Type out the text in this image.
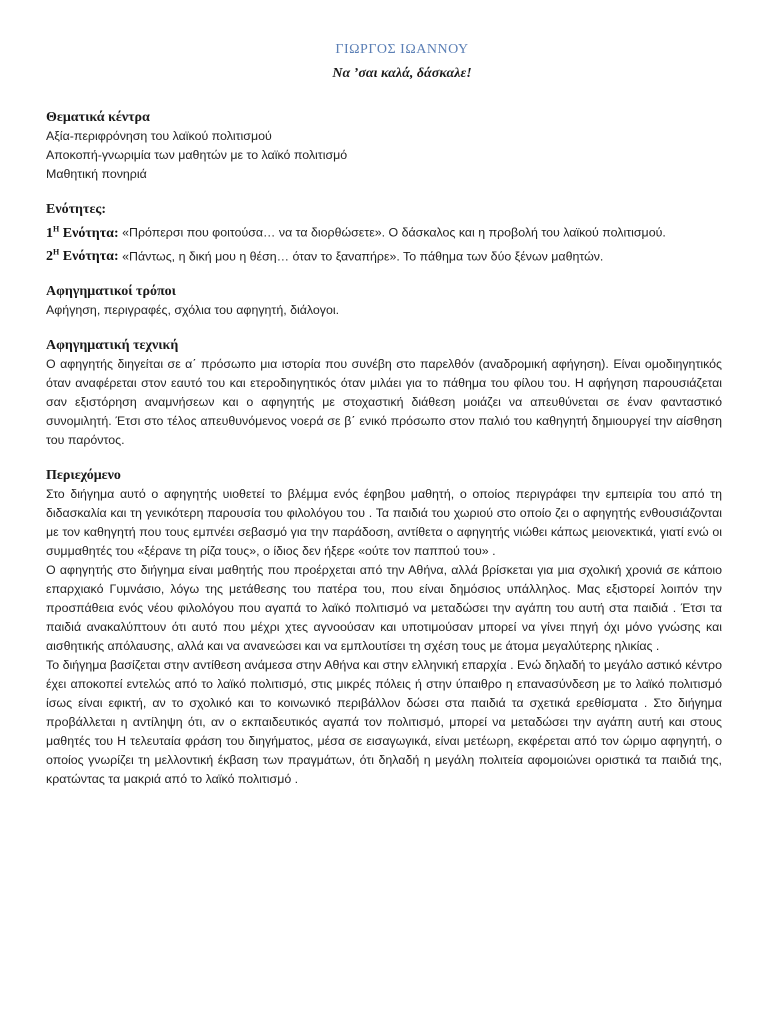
ΓΙΩΡΓΟΣ ΙΩΑΝΝΟΥ

Να ’σαι καλά, δάσκαλε!

Θεματικά κέντρα

Αξία-περιφρόνηση του λαϊκού πολιτισμού

Αποκοπή-γνωριμία των μαθητών με το λαϊκό πολιτισμό

Μαθητική πονηριά

Ενότητες:

$1^H$ Ενότητα: «Πρόπερσι που φοιτούσα… να τα διορθώσετε». Ο δάσκαλος και η προβολή του λαϊκού πολιτισμού.

$2^H$ Ενότητα: «Πάντως, η δική μου η θέση… όταν το ξαναπήρε». Το πάθημα των δύο ξένων μαθητών.

Αφηγηματικοί τρόποι

Αφήγηση, περιγραφές, σχόλια του αφηγητή, διάλογοι.

Αφηγηματική τεχνική

Ο αφηγητής διηγείται σε α΄ πρόσωπο μια ιστορία που συνέβη στο παρελθόν (αναδρομική αφήγηση). Είναι ομοδιηγητικός όταν αναφέρεται στον εαυτό του και ετεροδιηγητικός όταν μιλάει για το πάθημα του φίλου του. Η αφήγηση παρουσιάζεται σαν εξιστόρηση αναμνήσεων και ο αφηγητής με στοχαστική διάθεση μοιάζει να απευθύνεται σε έναν φανταστικό συνομιλητή. Έτσι στο τέλος απευθυνόμενος νοερά σε β΄ ενικό πρόσωπο στον παλιό του καθηγητή δημιουργεί την αίσθηση του παρόντος.

Περιεχόμενο

Στο διήγημα αυτό ο αφηγητής υιοθετεί το βλέμμα ενός έφηβου μαθητή, ο οποίος περιγράφει την εμπειρία του από τη διδασκαλία και τη γενικότερη παρουσία του φιλολόγου του . Τα παιδιά του χωριού στο οποίο ζει ο αφηγητής ενθουσιάζονται με τον καθηγητή που τους εμπνέει σεβασμό για την παράδοση, αντίθετα ο αφηγητής νιώθει κάπως μειονεκτικά, γιατί ενώ οι συμμαθητές του «ξέρανε τη ρίζα τους», ο ίδιος δεν ήξερε «ούτε τον παππού του» .

Ο αφηγητής στο διήγημα είναι μαθητής που προέρχεται από την Αθήνα, αλλά βρίσκεται για μια σχολική χρονιά σε κάποιο επαρχιακό Γυμνάσιο, λόγω της μετάθεσης του πατέρα του, που είναι δημόσιος υπάλληλος. Μας εξιστορεί λοιπόν την προσπάθεια ενός νέου φιλολόγου που αγαπά το λαϊκό πολιτισμό να μεταδώσει την αγάπη του αυτή στα παιδιά . Έτσι τα παιδιά ανακαλύπτουν ότι αυτό που μέχρι χτες αγνοούσαν και υποτιμούσαν μπορεί να γίνει πηγή όχι μόνο γνώσης και αισθητικής απόλαυσης, αλλά και να ανανεώσει και να εμπλουτίσει τη σχέση τους με άτομα μεγαλύτερης ηλικίας .

Το διήγημα βασίζεται στην αντίθεση ανάμεσα στην Αθήνα και στην ελληνική επαρχία . Ενώ δηλαδή το μεγάλο αστικό κέντρο έχει αποκοπεί εντελώς από το λαϊκό πολιτισμό, στις μικρές πόλεις ή στην ύπαιθρο η επανασύνδεση με το λαϊκό πολιτισμό ίσως είναι εφικτή, αν το σχολικό και το κοινωνικό περιβάλλον δώσει στα παιδιά τα σχετικά ερεθίσματα . Στο διήγημα προβάλλεται η αντίληψη ότι, αν ο εκπαιδευτικός αγαπά τον πολιτισμό, μπορεί να μεταδώσει την αγάπη αυτή και στους μαθητές του Η τελευταία φράση του διηγήματος, μέσα σε εισαγωγικά, είναι μετέωρη, εκφέρεται από τον ώριμο αφηγητή, ο οποίος γνωρίζει τη μελλοντική έκβαση των πραγμάτων, ότι δηλαδή η μεγάλη πολιτεία αφομοιώνει οριστικά τα παιδιά της, κρατώντας τα μακριά από το λαϊκό πολιτισμό .
